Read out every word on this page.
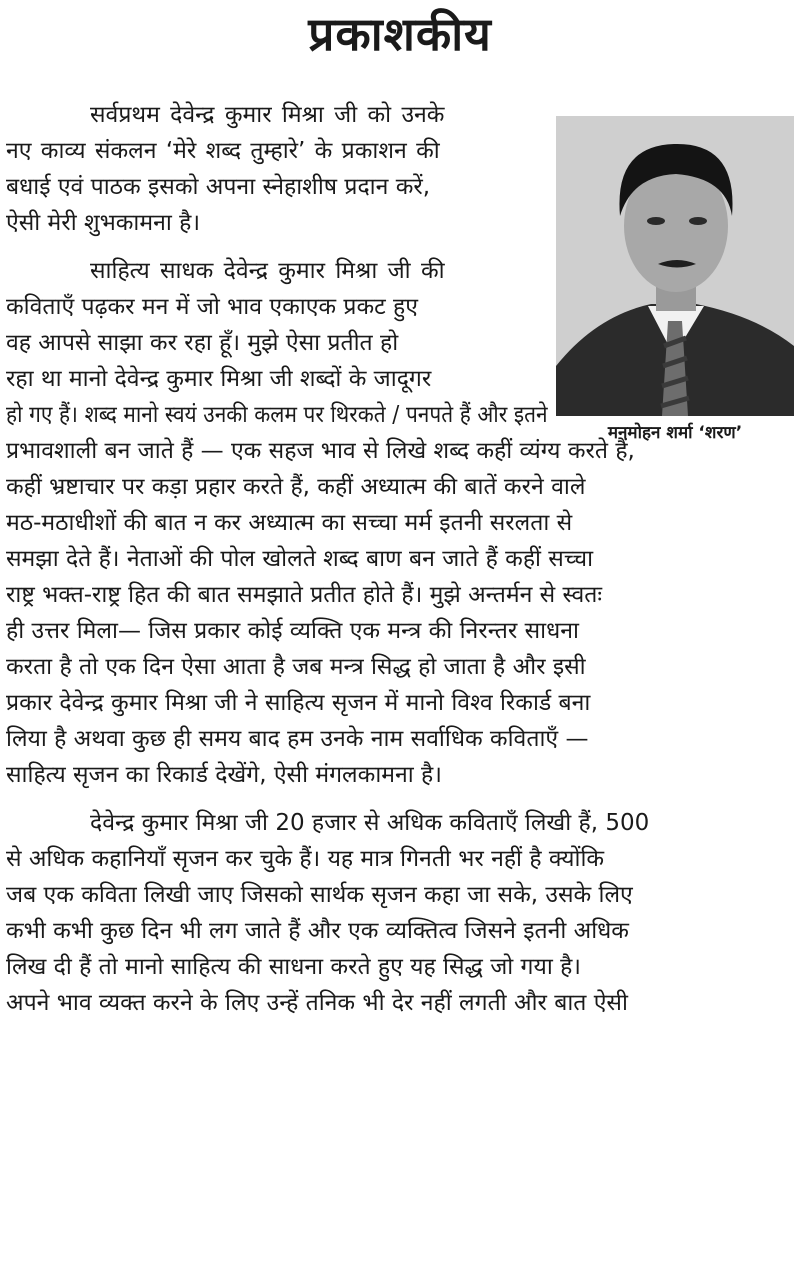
प्रकाशकीय
मनमोहन शर्मा ‘शरण’
सर्वप्रथम देवेन्द्र कुमार मिश्रा जी को उनके
नए काव्य संकलन ‘मेरे शब्द तुम्हारे’ के प्रकाशन की
बधाई एवं पाठक इसको अपना स्नेहाशीष प्रदान करें,
ऐसी मेरी शुभकामना है।
साहित्य साधक देवेन्द्र कुमार मिश्रा जी की
कविताएँ पढ़कर मन में जो भाव एकाएक प्रकट हुए
वह आपसे साझा कर रहा हूँ। मुझे ऐसा प्रतीत हो
रहा था मानो देवेन्द्र कुमार मिश्रा जी शब्दों के जादूगर
हो गए हैं। शब्द मानो स्वयं उनकी कलम पर थिरकते / पनपते हैं और इतने
प्रभावशाली बन जाते हैं — एक सहज भाव से लिखे शब्द कहीं व्यंग्य करते हैं,
कहीं भ्रष्टाचार पर कड़ा प्रहार करते हैं, कहीं अध्यात्म की बातें करने वाले
मठ-मठाधीशों की बात न कर अध्यात्म का सच्चा मर्म इतनी सरलता से
समझा देते हैं। नेताओं की पोल खोलते शब्द बाण बन जाते हैं कहीं सच्चा
राष्ट्र भक्त-राष्ट्र हित की बात समझाते प्रतीत होते हैं। मुझे अन्तर्मन से स्वतः
ही उत्तर मिला— जिस प्रकार कोई व्यक्ति एक मन्त्र की निरन्तर साधना
करता है तो एक दिन ऐसा आता है जब मन्त्र सिद्ध हो जाता है और इसी
प्रकार देवेन्द्र कुमार मिश्रा जी ने साहित्य सृजन में मानो विश्व रिकार्ड बना
लिया है अथवा कुछ ही समय बाद हम उनके नाम सर्वाधिक कविताएँ —
साहित्य सृजन का रिकार्ड देखेंगे, ऐसी मंगलकामना है।
देवेन्द्र कुमार मिश्रा जी 20 हजार से अधिक कविताएँ लिखी हैं, 500
से अधिक कहानियाँ सृजन कर चुके हैं। यह मात्र गिनती भर नहीं है क्योंकि
जब एक कविता लिखी जाए जिसको सार्थक सृजन कहा जा सके, उसके लिए
कभी कभी कुछ दिन भी लग जाते हैं और एक व्यक्तित्व जिसने इतनी अधिक
लिख दी हैं तो मानो साहित्य की साधना करते हुए यह सिद्ध जो गया है।
अपने भाव व्यक्त करने के लिए उन्हें तनिक भी देर नहीं लगती और बात ऐसी
